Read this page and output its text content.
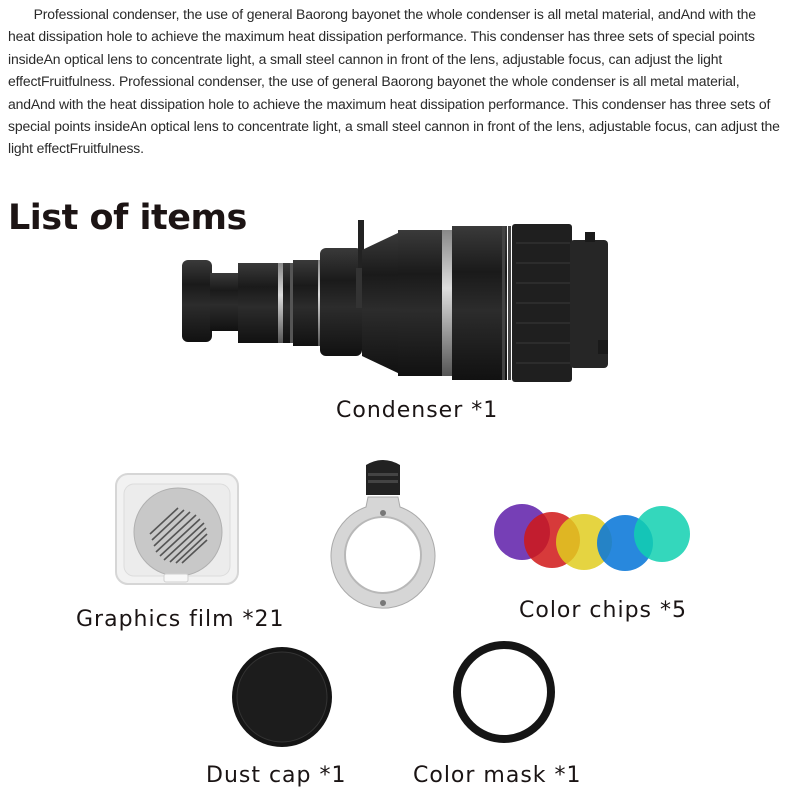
Professional condenser, the use of general Baorong bayonet the whole condenser is all metal material, andAnd with the heat dissipation hole to achieve the maximum heat dissipation performance. This condenser has three sets of special points insideAn optical lens to concentrate light, a small steel cannon in front of the lens, adjustable focus, can adjust the light effectFruitfulness. Professional condenser, the use of general Baorong bayonet the whole condenser is all metal material, andAnd with the heat dissipation hole to achieve the maximum heat dissipation performance. This condenser has three sets of special points insideAn optical lens to concentrate light, a small steel cannon in front of the lens, adjustable focus, can adjust the light effectFruitfulness.
List of items
Condenser *1
Graphics film *21	Color chips *5
Dust cap *1	Color mask *1
